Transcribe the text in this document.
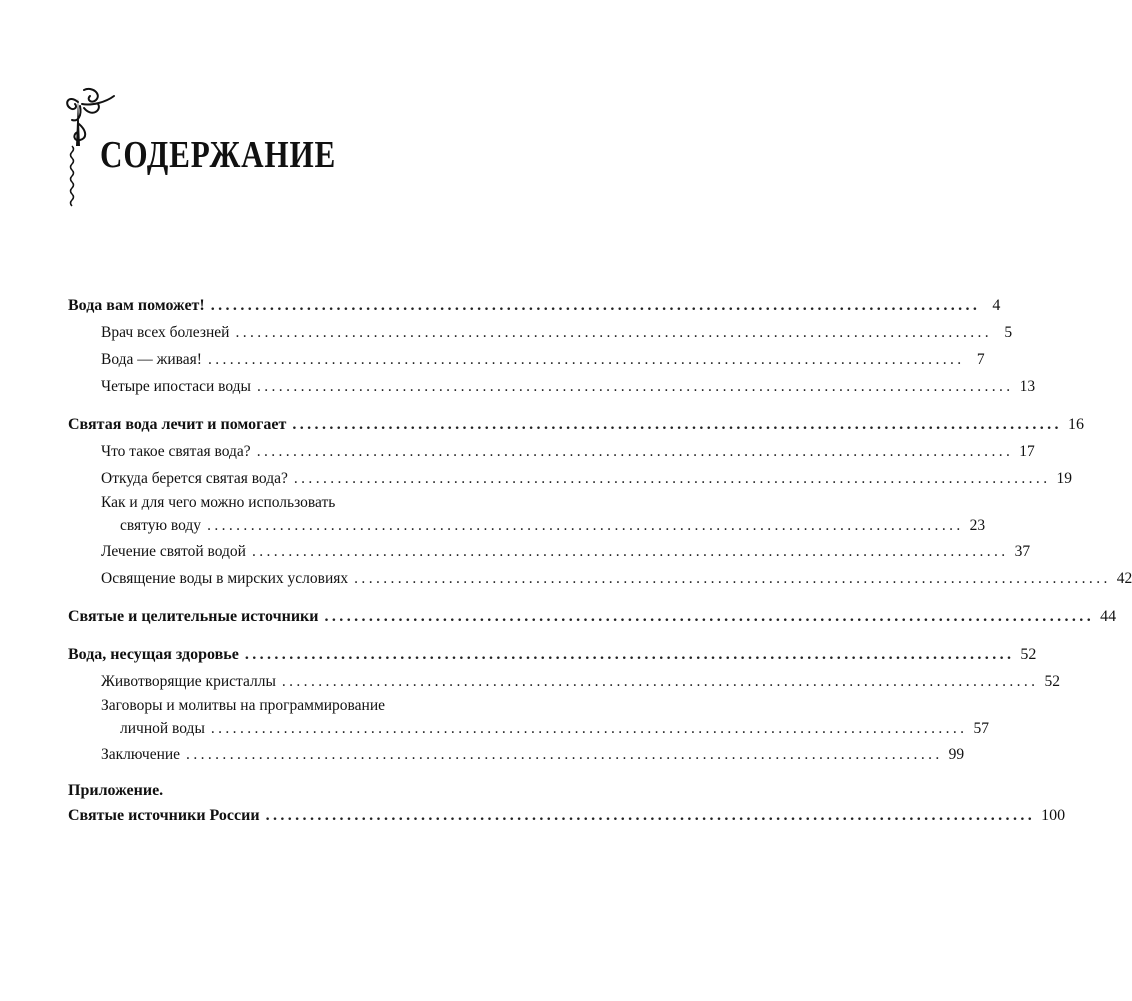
СОДЕРЖАНИЕ
Вода вам поможет! ........................................................................................................ 4
Врач всех болезней ........................................................................................................ 5
Вода — живая! ........................................................................................................ 7
Четыре ипостаси воды ........................................................................................................ 13
Святая вода лечит и помогает ........................................................................................................ 16
Что такое святая вода? ........................................................................................................ 17
Откуда берется святая вода? ........................................................................................................ 19
Как и для чего можно использовать
святую воду ........................................................................................................ 23
Лечение святой водой ........................................................................................................ 37
Освящение воды в мирских условиях ........................................................................................................ 42
Святые и целительные источники ........................................................................................................ 44
Вода, несущая здоровье ........................................................................................................ 52
Животворящие кристаллы ........................................................................................................ 52
Заговоры и молитвы на программирование
личной воды ........................................................................................................ 57
Заключение ........................................................................................................ 99
Приложение.
Святые источники России ........................................................................................................ 100
